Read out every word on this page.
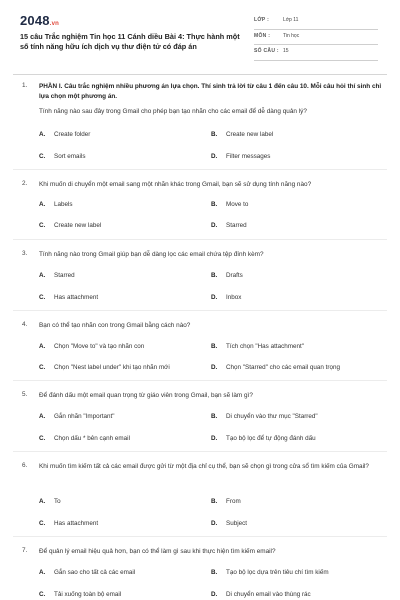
2048.vn
15 câu Trắc nghiệm Tin học 11 Cánh diều Bài 4: Thực hành một số tính năng hữu ích dịch vụ thư điện tử có đáp án
LỚP :	Lớp 11
MÔN :	Tin học
SỐ CÂU : 15
1. PHẦN I. Câu trắc nghiệm nhiều phương án lựa chọn. Thí sinh trả lời từ câu 1 đến câu 10. Mỗi câu hỏi thí sinh chỉ lựa chọn một phương án.
Tính năng nào sau đây trong Gmail cho phép bạn tạo nhãn cho các email để dễ dàng quản lý?
A. Create folder	B. Create new label
C. Sort emails	D. Filter messages
2. Khi muốn di chuyển một email sang một nhãn khác trong Gmail, bạn sẽ sử dụng tính năng nào?
A. Labels	B. Move to
C. Create new label	D. Starred
3. Tính năng nào trong Gmail giúp bạn dễ dàng lọc các email chứa tệp đính kèm?
A. Starred	B. Drafts
C. Has attachment	D. Inbox
4. Bạn có thể tạo nhãn con trong Gmail bằng cách nào?
A. Chọn "Move to" và tạo nhãn con	B. Tích chọn "Has attachment"
C. Chọn "Nest label under" khi tạo nhãn mới	D. Chọn "Starred" cho các email quan trọng
5. Để đánh dấu một email quan trọng từ giáo viên trong Gmail, bạn sẽ làm gì?
A. Gắn nhãn "Important"	B. Di chuyển vào thư mục "Starred"
C. Chọn dấu * bên cạnh email	D. Tạo bộ lọc để tự động đánh dấu
6. Khi muốn tìm kiếm tất cả các email được gửi từ một địa chỉ cụ thể, bạn sẽ chọn gì trong cửa sổ tìm kiếm của Gmail?
A. To	B. From
C. Has attachment	D. Subject
7. Để quản lý email hiệu quả hơn, bạn có thể làm gì sau khi thực hiện tìm kiếm email?
A. Gắn sao cho tất cả các email	B. Tạo bộ lọc dựa trên tiêu chí tìm kiếm
C. Tải xuống toàn bộ email	D. Di chuyển email vào thùng rác
